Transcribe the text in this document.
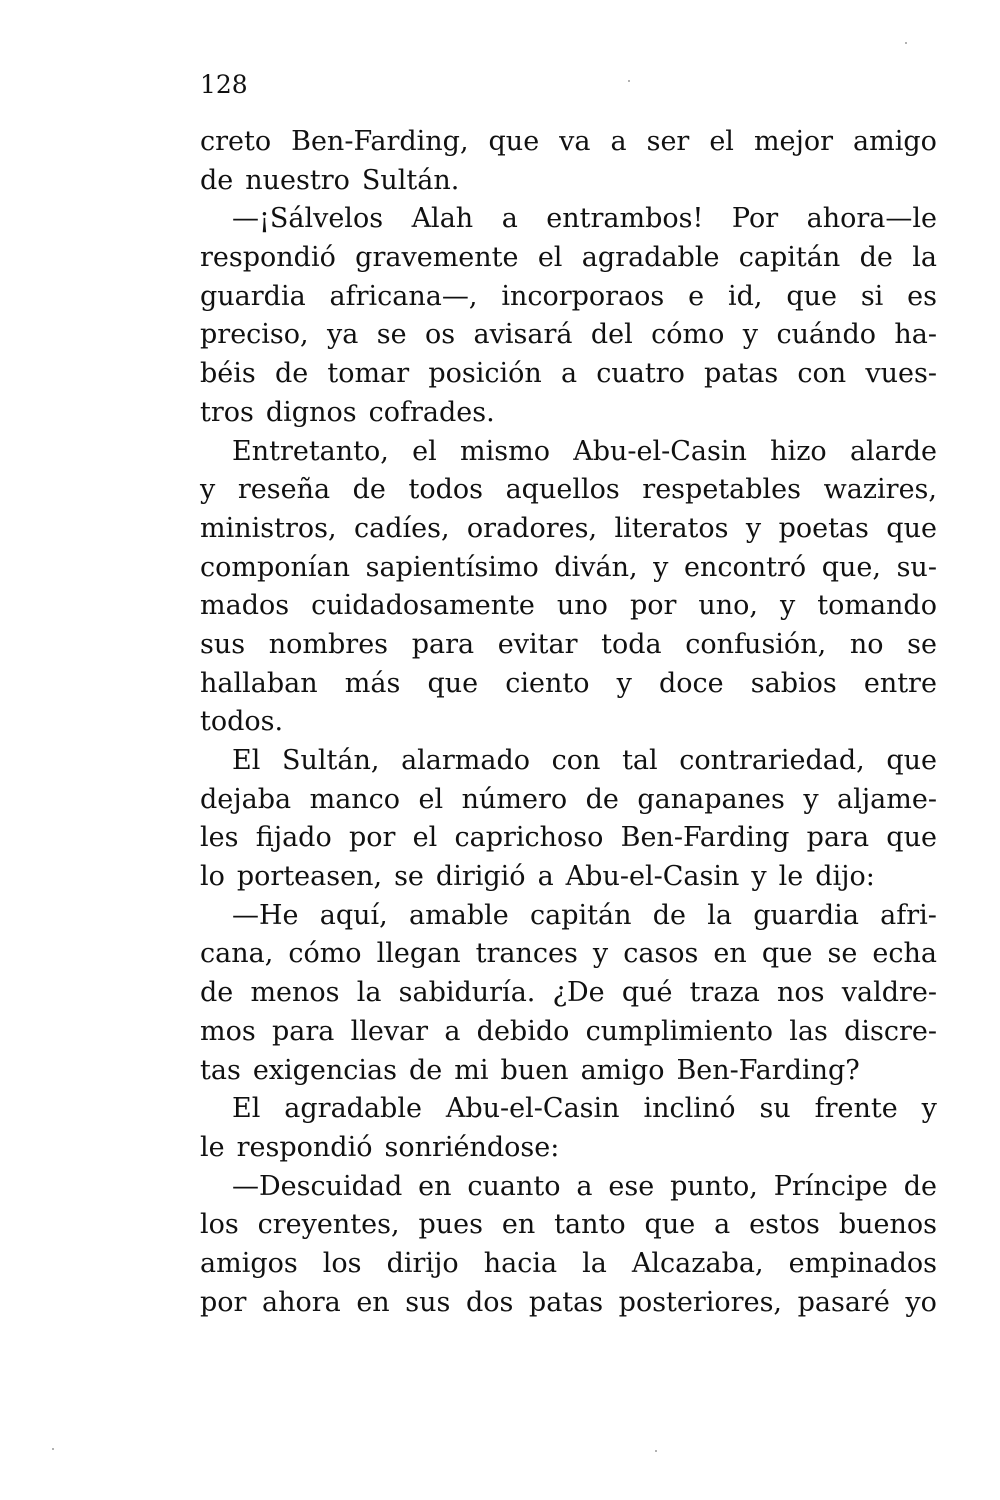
128
creto Ben-Farding, que va a ser el mejor amigo
de nuestro Sultán.
—¡Sálvelos Alah a entrambos! Por ahora—le
respondió gravemente el agradable capitán de la
guardia africana—, incorporaos e id, que si es
preciso, ya se os avisará del cómo y cuándo ha-
béis de tomar posición a cuatro patas con vues-
tros dignos cofrades.
Entretanto, el mismo Abu-el-Casin hizo alarde
y reseña de todos aquellos respetables wazires,
ministros, cadíes, oradores, literatos y poetas que
componían sapientísimo diván, y encontró que, su-
mados cuidadosamente uno por uno, y tomando
sus nombres para evitar toda confusión, no se
hallaban más que ciento y doce sabios entre
todos.
El Sultán, alarmado con tal contrariedad, que
dejaba manco el número de ganapanes y aljame-
les fijado por el caprichoso Ben-Farding para que
lo porteasen, se dirigió a Abu-el-Casin y le dijo:
—He aquí, amable capitán de la guardia afri-
cana, cómo llegan trances y casos en que se echa
de menos la sabiduría. ¿De qué traza nos valdre-
mos para llevar a debido cumplimiento las discre-
tas exigencias de mi buen amigo Ben-Farding?
El agradable Abu-el-Casin inclinó su frente y
le respondió sonriéndose:
—Descuidad en cuanto a ese punto, Príncipe de
los creyentes, pues en tanto que a estos buenos
amigos los dirijo hacia la Alcazaba, empinados
por ahora en sus dos patas posteriores, pasaré yo
